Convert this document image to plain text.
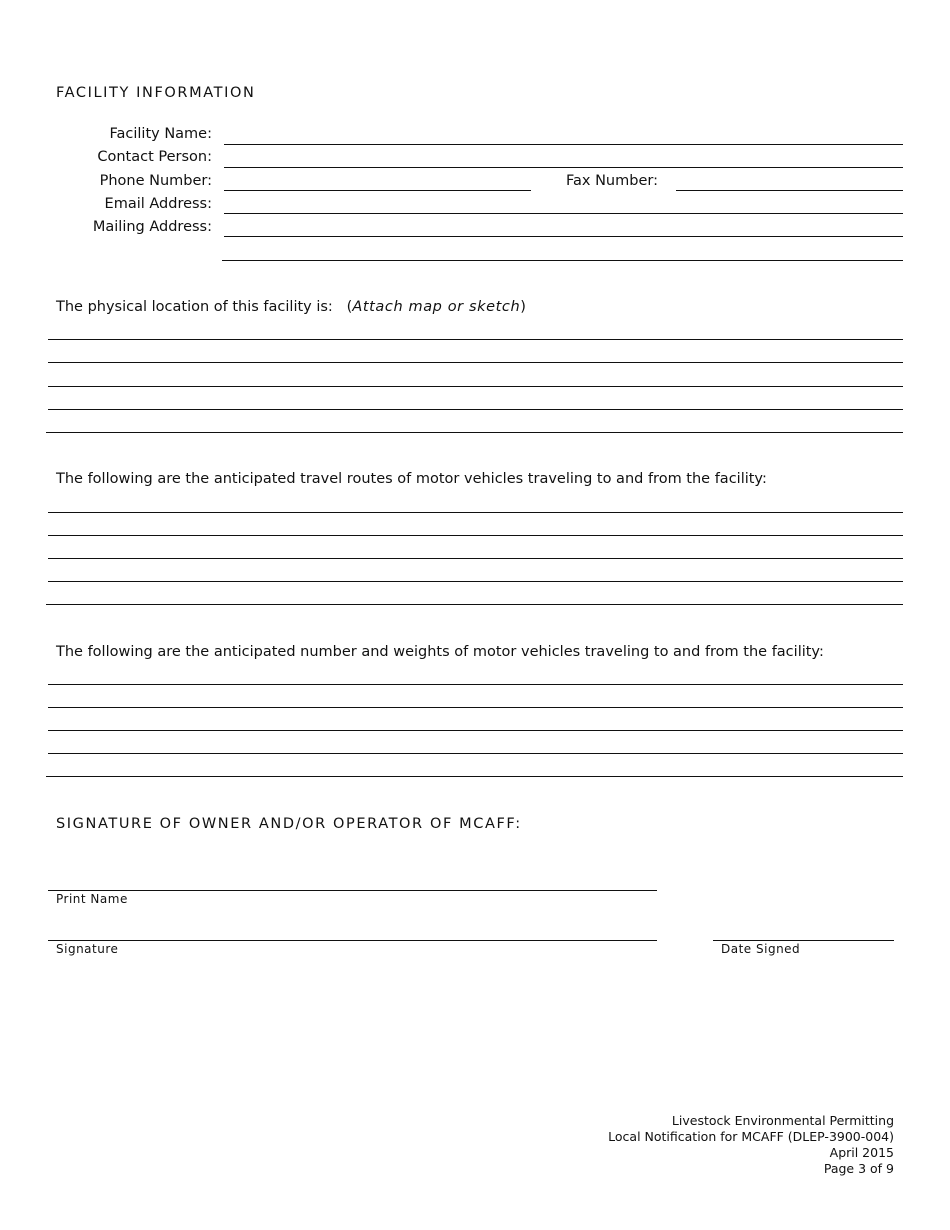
FACILITY INFORMATION
Facility Name:
Contact Person:
Phone Number:	Fax Number:
Email Address:
Mailing Address:
The physical location of this facility is: (Attach map or sketch)
The following are the anticipated travel routes of motor vehicles traveling to and from the facility:
The following are the anticipated number and weights of motor vehicles traveling to and from the facility:
SIGNATURE OF OWNER AND/OR OPERATOR OF MCAFF:
Print Name
Signature	Date Signed
Livestock Environmental Permitting
Local Notification for MCAFF (DLEP-3900-004)
April 2015
Page 3 of 9
